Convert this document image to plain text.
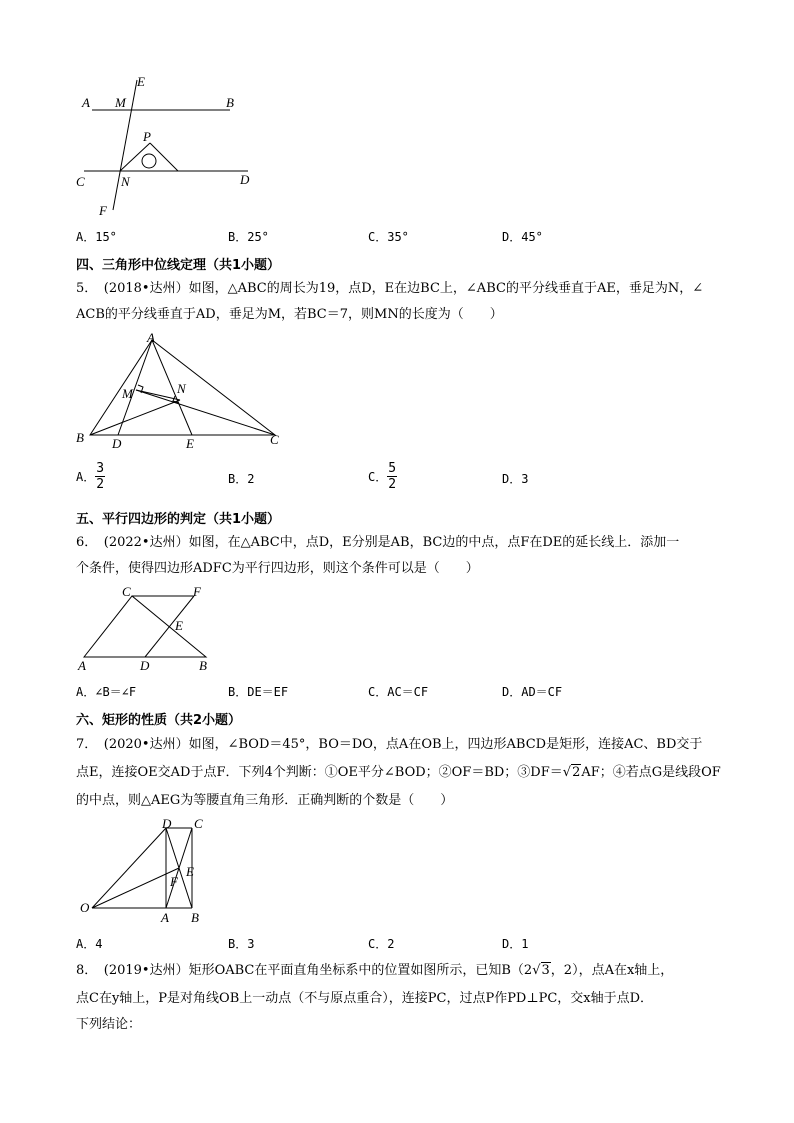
A M
E
B
P
C	N	D
F
A．15°	B．25°	C．35°	D．45°
四、三角形中位线定理（共1小题）
5．　(2018•达州）如图，△ABC的周长为19，点D，E在边BC上，∠ABC的平分线垂直于AE，垂足为N，∠
ACB的平分线垂直于AD，垂足为M，若BC＝7，则MN的长度为（　　）
A
M	N
B D	E	C
A． $\frac{3}{2}$	B．2	C． $\frac{5}{2}$	D．3
五、平行四边形的判定（共1小题）
6．　(2022•达州）如图，在△ABC中，点D，E分别是AB，BC边的中点，点F在DE的延长线上．添加一
个条件，使得四边形ADFC为平行四边形，则这个条件可以是（　　）
C	F
E
A	D	B
A．∠B＝∠F	B．DE＝EF	C．AC＝CF	D．AD＝CF
六、矩形的性质（共2小题）
7．　(2020•达州）如图，∠BOD＝45°，BO＝DO，点A在OB上，四边形ABCD是矩形，连接AC、BD交于
点E，连接OE交AD于点F．下列4个判断：①OE平分∠BOD；②OF＝BD；③DF＝√2AF；④若点G是线段OF
的中点，则△AEG为等腰直角三角形．正确判断的个数是（　　）
D C
E
F
O
A B
A．4	B．3	C．2	D．1
8．　(2019•达州）矩形OABC在平面直角坐标系中的位置如图所示，已知B（2√3，2），点A在x轴上，
点C在y轴上，P是对角线OB上一动点（不与原点重合），连接PC，过点P作PD⊥PC，交x轴于点D．
下列结论：
